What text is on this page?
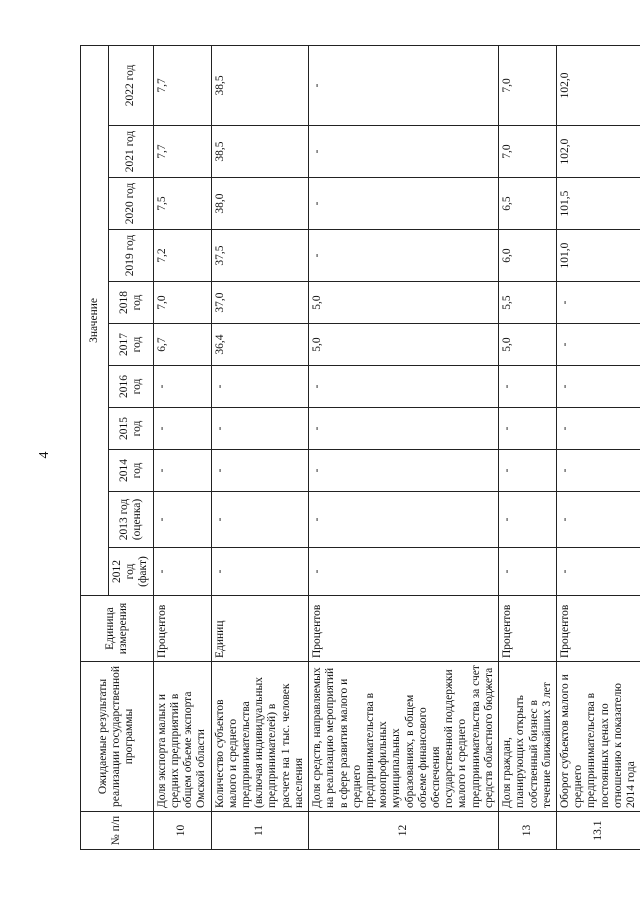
4
№ п/п	Ожидаемые результаты реализации государственной программы	Единица измерения	Значение										
			2012 год (факт)	2013 год (оценка)	2014 год	2015 год	2016 год	2017 год	2018 год	2019 год	2020 год	2021 год	2022 год
10	Доля экспорта малых и средних предприятий в общем объеме экспорта Омской области	Процентов	-	-	-	-	-	6,7	7,0	7,2	7,5	7,7	7,7
11	Количество субъектов малого и среднего предпринимательства (включая индивидуальных предпринимателей) в расчете на 1 тыс. человек населения	Единиц	-	-	-	-	-	36,4	37,0	37,5	38,0	38,5	38,5
12	Доля средств, направляемых на реализацию мероприятий в сфере развития малого и среднего предпринимательства в монопрофильных муниципальных образованиях, в общем объеме финансового обеспечения государственной поддержки малого и среднего предпринимательства за счет средств областного бюджета	Процентов	-	-	-	-	-	5,0	5,0	-	-	-	-
13	Доля граждан, планирующих открыть собственный бизнес в течение ближайших 3 лет	Процентов	-	-	-	-	-	5,0	5,5	6,0	6,5	7,0	7,0
13.1	Оборот субъектов малого и среднего предпринимательства в постоянных ценах по отношению к показателю 2014 года	Процентов	-	-	-	-	-	-	-	101,0	101,5	102,0	102,0
